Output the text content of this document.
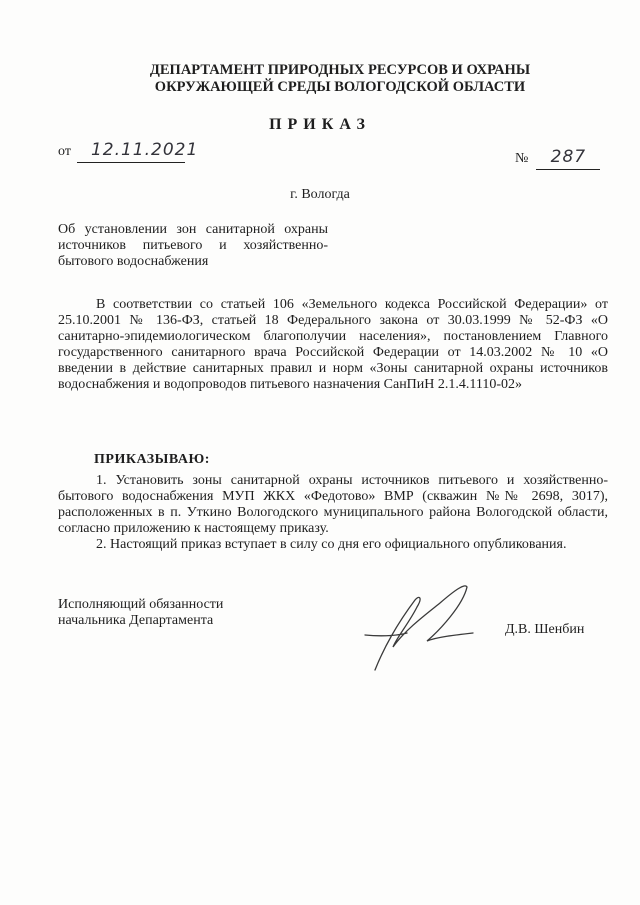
ДЕПАРТАМЕНТ ПРИРОДНЫХ РЕСУРСОВ И ОХРАНЫ
ОКРУЖАЮЩЕЙ СРЕДЫ ВОЛОГОДСКОЙ ОБЛАСТИ
ПРИКАЗ
от 12.11.2021	№ 287
г. Вологда
Об установлении зон санитарной охраны источников питьевого и хозяйственно-бытового водоснабжения
В соответствии со статьей 106 «Земельного кодекса Российской Федерации» от 25.10.2001 № 136-ФЗ, статьей 18 Федерального закона от 30.03.1999 № 52-ФЗ «О санитарно-эпидемиологическом благополучии населения», постановлением Главного государственного санитарного врача Российской Федерации от 14.03.2002 № 10 «О введении в действие санитарных правил и норм «Зоны санитарной охраны источников водоснабжения и водопроводов питьевого назначения СанПиН 2.1.4.1110-02»
ПРИКАЗЫВАЮ:
1. Установить зоны санитарной охраны источников питьевого и хозяйственно-бытового водоснабжения МУП ЖКХ «Федотово» ВМР (скважин №№ 2698, 3017), расположенных в п. Уткино Вологодского муниципального района Вологодской области, согласно приложению к настоящему приказу.
2. Настоящий приказ вступает в силу со дня его официального опубликования.
Исполняющий обязанности
начальника Департамента
Д.В. Шенбин
